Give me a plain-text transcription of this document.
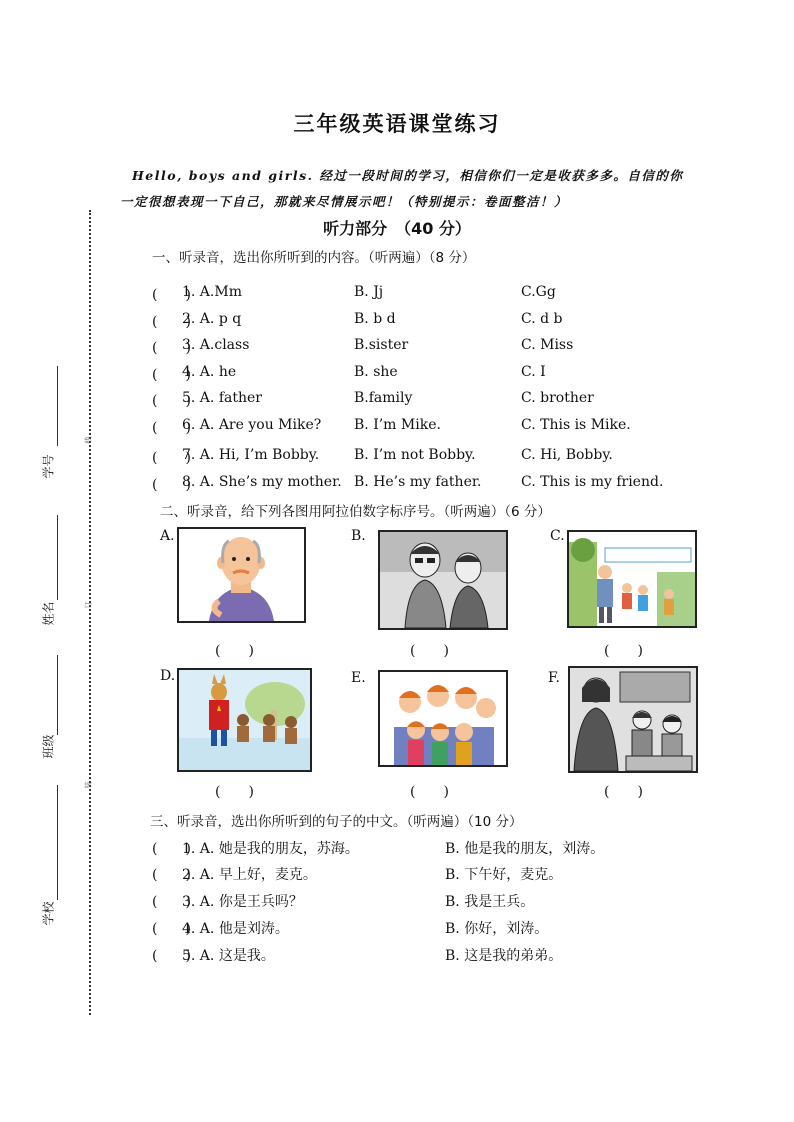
学号
姓名
班级
学校
线
订
装
三年级英语课堂练习
Hello, boys and girls. 经过一段时间的学习，相信你们一定是收获多多。自信的你
一定很想表现一下自己，那就来尽情展示吧！（特别提示：卷面整洁！）
听力部分　（40 分）
一、听录音，选出你所听到的内容。（听两遍）（8 分）
(　　)
1. A.Mm	B. Jj	C.Gg
(　　)
2. A. p q	B. b d	C. d b
(　　)
3. A.class	B.sister	C. Miss
(　　)
4. A. he	B. she	C. I
(　　)
5. A. father	B.family	C. brother
(　　)
6. A. Are you Mike? B. I’m Mike.	C. This is Mike.
(　　)
7. A. Hi, I’m Bobby. B. I’m not Bobby.	C. Hi, Bobby.
(　　)
8. A. She’s my mother. B. He’s my father.	C. This is my friend.
二、听录音，给下列各图用阿拉伯数字标序号。（听两遍）（6 分）
A.
(　　)
B.
(　　)
C.
(　　)
D.
(　　)
E.
(　　)
F.
(　　)
三、听录音，选出你所听到的句子的中文。（听两遍）（10 分）
(　　)
1. A. 她是我的朋友，苏海。	B. 他是我的朋友，刘涛。
(　　)
2. A. 早上好，麦克。	B. 下午好，麦克。
(　　)
3. A. 你是王兵吗？	B. 我是王兵。
(　　)
4. A. 他是刘涛。	B. 你好，刘涛。
(　　)
5. A. 这是我。	B. 这是我的弟弟。
